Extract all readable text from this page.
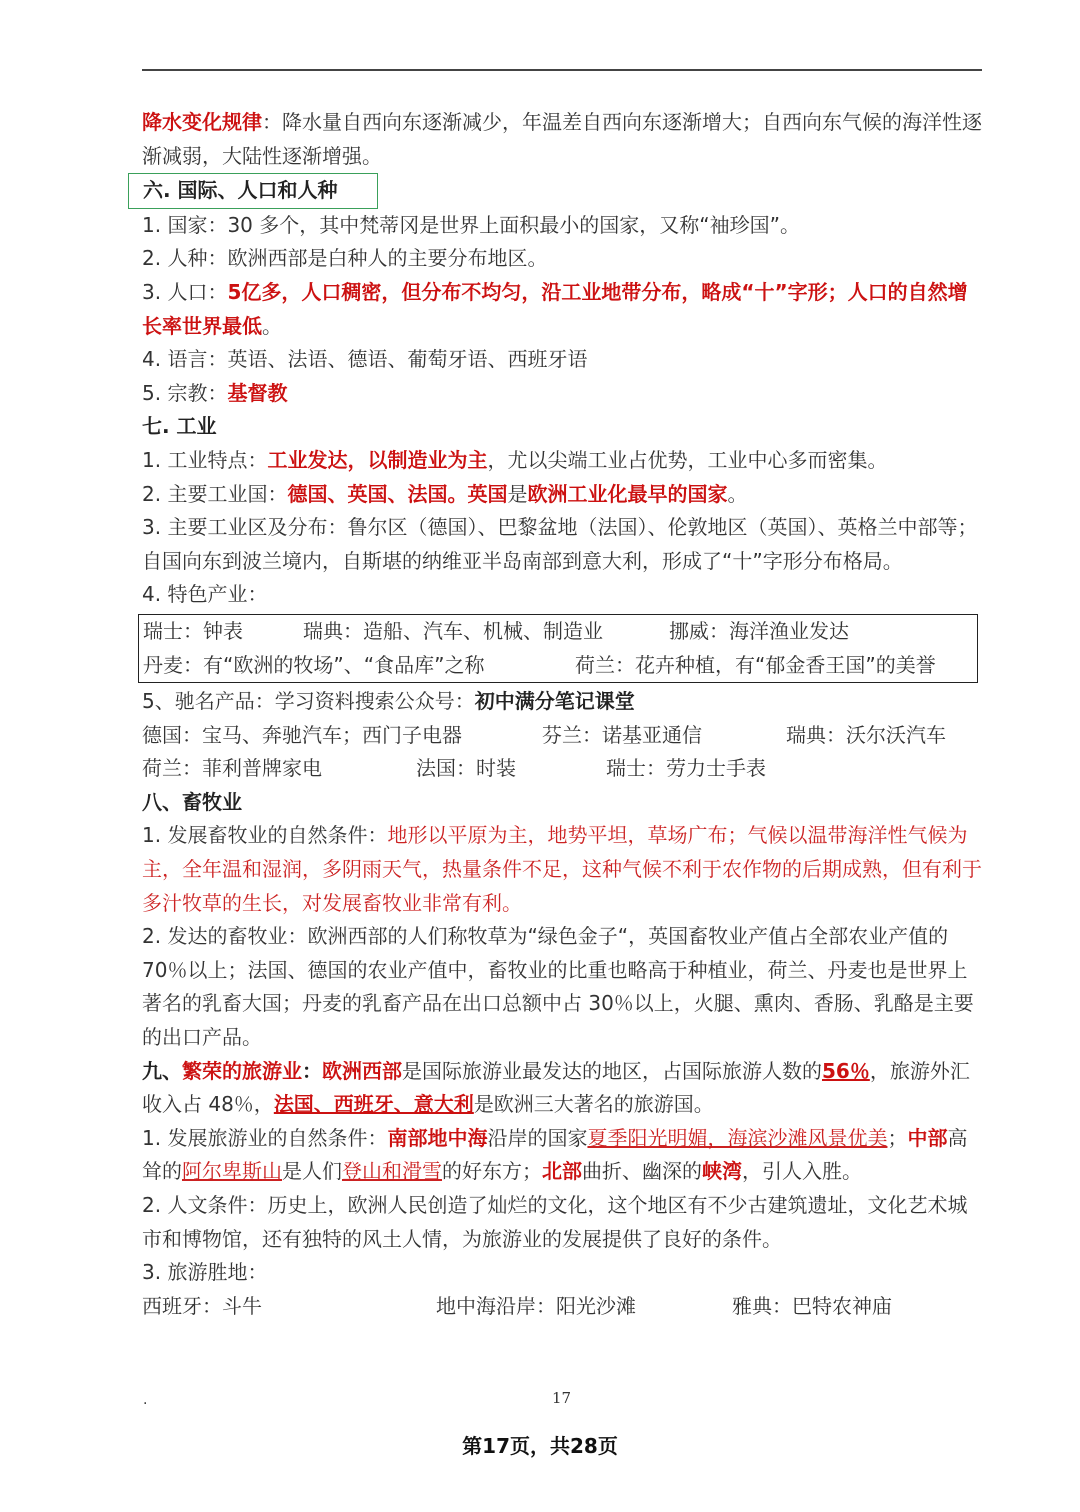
降水变化规律：降水量自西向东逐渐减少，年温差自西向东逐渐增大；自西向东气候的海洋性逐渐减弱，大陆性逐渐增强。

六. 国际、人口和人种

1. 国家：30 多个，其中梵蒂冈是世界上面积最小的国家，又称“袖珍国”。

2. 人种：欧洲西部是白种人的主要分布地区。

3. 人口：5亿多，人口稠密，但分布不均匀，沿工业地带分布，略成“十”字形；人口的自然增长率世界最低。

4. 语言：英语、法语、德语、葡萄牙语、西班牙语

5. 宗教：基督教

七. 工业

1. 工业特点：工业发达，以制造业为主，尤以尖端工业占优势，工业中心多而密集。

2. 主要工业国：德国、英国、法国。英国是欧洲工业化最早的国家。

3. 主要工业区及分布：鲁尔区（德国）、巴黎盆地（法国）、伦敦地区（英国）、英格兰中部等；自国向东到波兰境内，自斯堪的纳维亚半岛南部到意大利，形成了“十”字形分布格局。

4. 特色产业：

瑞士：钟表	瑞典：造船、汽车、机械、制造业	挪威：海洋渔业发达
丹麦：有“欧洲的牧场”、“食品库”之称	荷兰：花卉种植，有“郁金香王国”的美誉

5、驰名产品：学习资料搜索公众号：初中满分笔记课堂

德国：宝马、奔驰汽车；西门子电器	芬兰：诺基亚通信	瑞典：沃尔沃汽车
荷兰：菲利普牌家电	法国：时装	瑞士：劳力士手表

八、畜牧业

1. 发展畜牧业的自然条件：地形以平原为主，地势平坦，草场广布；气候以温带海洋性气候为主，全年温和湿润，多阴雨天气，热量条件不足，这种气候不利于农作物的后期成熟，但有利于多汁牧草的生长，对发展畜牧业非常有利。

2. 发达的畜牧业：欧洲西部的人们称牧草为“绿色金子“，英国畜牧业产值占全部农业产值的 70％以上；法国、德国的农业产值中，畜牧业的比重也略高于种植业，荷兰、丹麦也是世界上著名的乳畜大国；丹麦的乳畜产品在出口总额中占 30％以上，火腿、熏肉、香肠、乳酪是主要的出口产品。

九、繁荣的旅游业：欧洲西部是国际旅游业最发达的地区，占国际旅游人数的56％，旅游外汇收入占 48％，法国、西班牙、意大利是欧洲三大著名的旅游国。

1. 发展旅游业的自然条件：南部地中海沿岸的国家夏季阳光明媚，海滨沙滩风景优美；中部高耸的阿尔卑斯山是人们登山和滑雪的好东方；北部曲折、幽深的峡湾，引人入胜。

2. 人文条件：历史上，欧洲人民创造了灿烂的文化，这个地区有不少古建筑遗址，文化艺术城市和博物馆，还有独特的风土人情，为旅游业的发展提供了良好的条件。

3. 旅游胜地：

西班牙：斗牛	地中海沿岸：阳光沙滩	雅典：巴特农神庙
.	17
第17页，共28页
